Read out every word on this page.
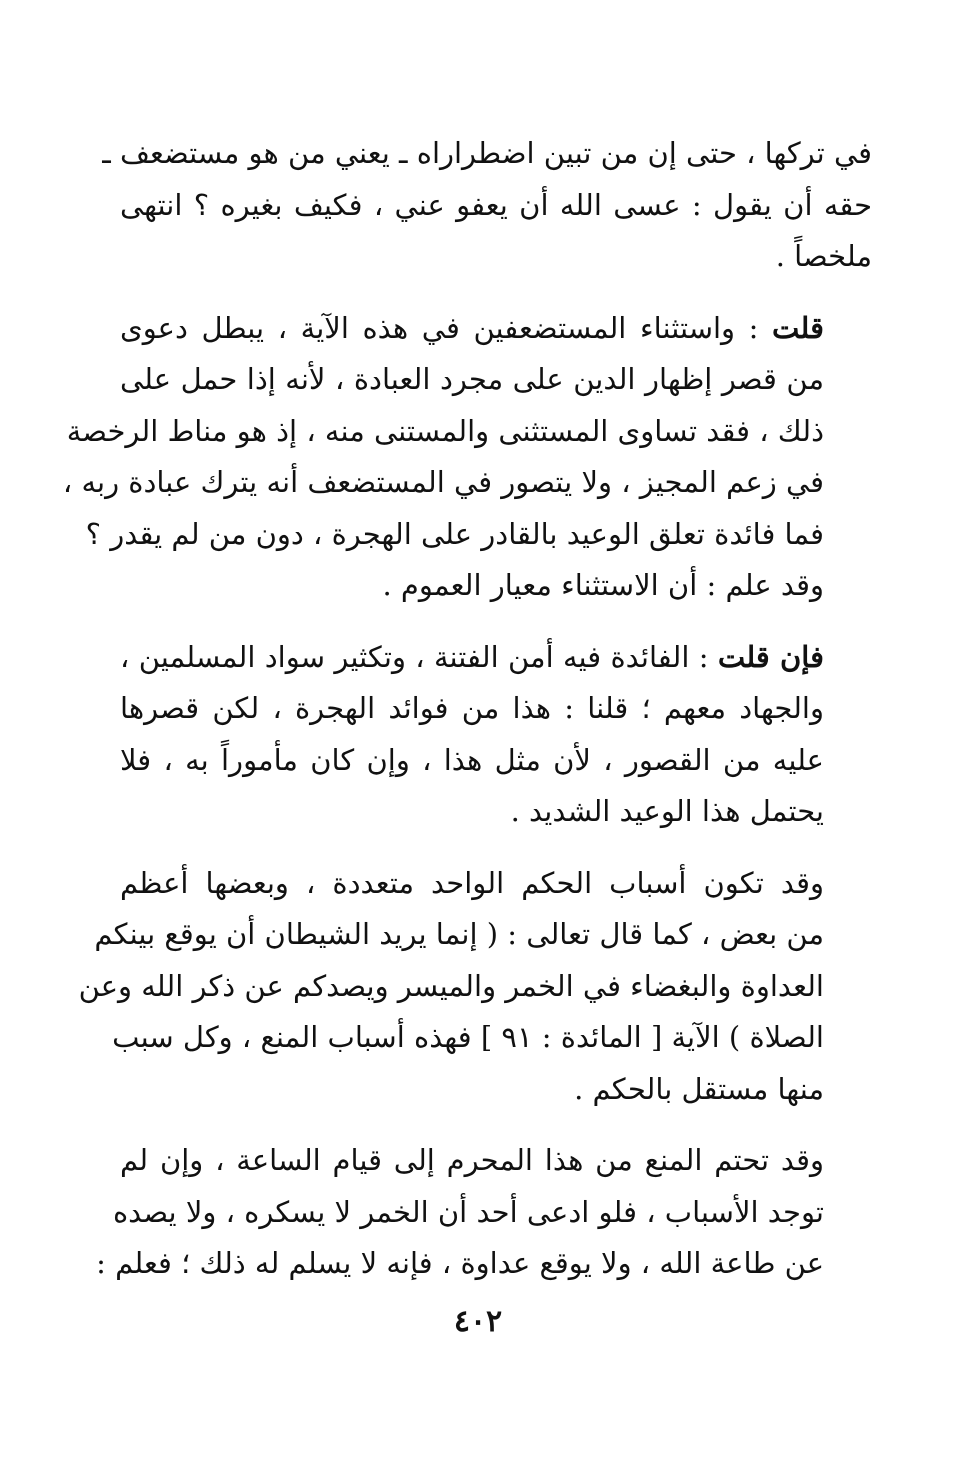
في تركها ، حتى إن من تبين اضطراراه ـ يعني من هو مستضعف ـ
حقه أن يقول : عسى الله أن يعفو عني ، فكيف بغيره ؟ انتهى
ملخصاً .

قلت : واستثناء المستضعفين في هذه الآية ، يبطل دعوى
من قصر إظهار الدين على مجرد العبادة ، لأنه إذا حمل على
ذلك ، فقد تساوى المستثنى والمستنى منه ، إذ هو مناط الرخصة
في زعم المجيز ، ولا يتصور في المستضعف أنه يترك عبادة ربه ،
فما فائدة تعلق الوعيد بالقادر على الهجرة ، دون من لم يقدر ؟
وقد علم : أن الاستثناء معيار العموم .

فإن قلت : الفائدة فيه أمن الفتنة ، وتكثير سواد المسلمين ،
والجهاد معهم ؛ قلنا : هذا من فوائد الهجرة ، لكن قصرها
عليه من القصور ، لأن مثل هذا ، وإن كان مأموراً به ، فلا
يحتمل هذا الوعيد الشديد .

وقد تكون أسباب الحكم الواحد متعددة ، وبعضها أعظم
من بعض ، كما قال تعالى : ( إنما يريد الشيطان أن يوقع بينكم
العداوة والبغضاء في الخمر والميسر ويصدكم عن ذكر الله وعن
الصلاة ) الآية [ المائدة : ٩١ ] فهذه أسباب المنع ، وكل سبب
منها مستقل بالحكم .

وقد تحتم المنع من هذا المحرم إلى قيام الساعة ، وإن لم
توجد الأسباب ، فلو ادعى أحد أن الخمر لا يسكره ، ولا يصده
عن طاعة الله ، ولا يوقع عداوة ، فإنه لا يسلم له ذلك ؛ فعلم :

٤٠٢
